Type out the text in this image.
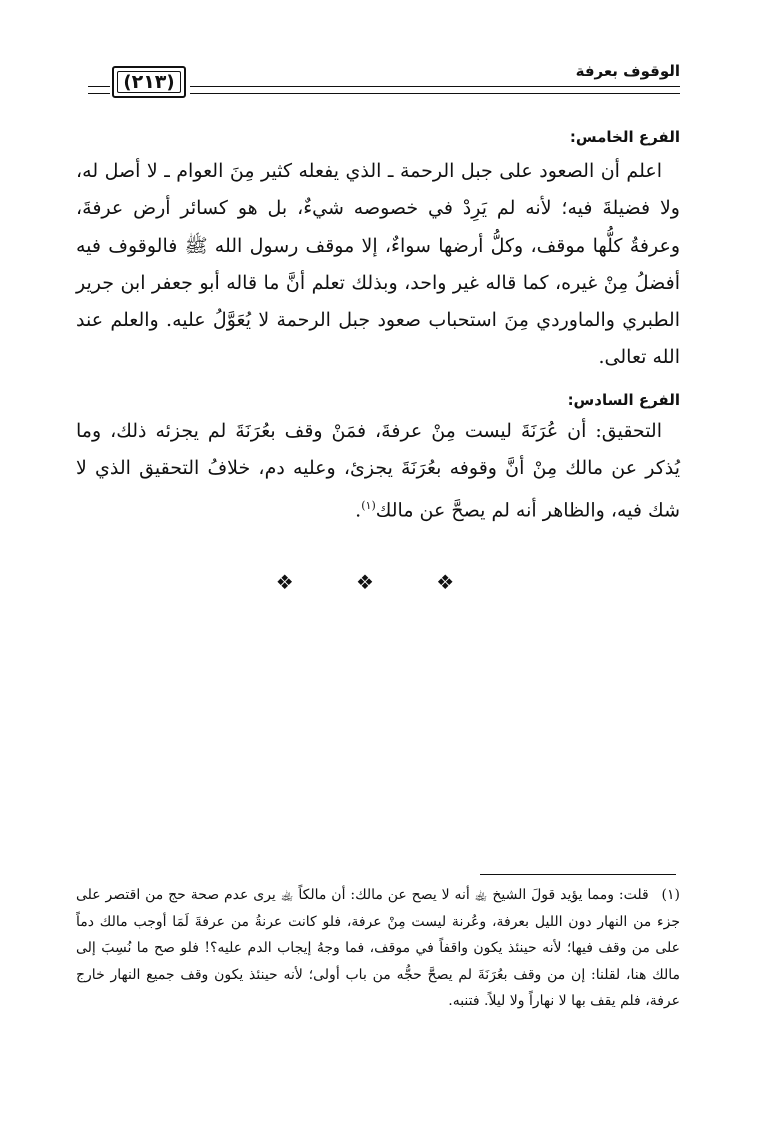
( ٢١٣ )
الوقوف بعرفة

الفرع الخامس:

اعلم أن الصعود على جبل الرحمة ـ الذي يفعله كثير مِنَ العوام ـ لا أصل له، ولا فضيلةَ فيه؛ لأنه لم يَرِدْ في خصوصه شيءٌ، بل هو كسائر أرض عرفةَ، وعرفةُ كلُّها موقف، وكلُّ أرضها سواءٌ، إلا موقف رسول الله ﷺ فالوقوف فيه أفضلُ مِنْ غيره، كما قاله غير واحد، وبذلك تعلم أنَّ ما قاله أبو جعفر ابن جرير الطبري والماوردي مِنَ استحباب صعود جبل الرحمة لا يُعَوَّلُ عليه. والعلم عند الله تعالى.

الفرع السادس:

التحقيق: أن عُرَنَةَ ليست مِنْ عرفةَ، فمَنْ وقف بعُرَنَةَ لم يجزئه ذلك، وما يُذكر عن مالك مِنْ أنَّ وقوفه بعُرَنَةَ يجزئ، وعليه دم، خلافُ التحقيق الذي لا شك فيه، والظاهر أنه لم يصحَّ عن مالك$^{(١)}$.

❖ ❖ ❖
(١) قلت: ومما يؤيد قولَ الشيخ ﵀ أنه لا يصح عن مالك: أن مالكاً ﵀ يرى عدم صحة حج من اقتصر على جزء من النهار دون الليل بعرفة، وعُرنة ليست مِنْ عرفة، فلو كانت عرنةُ من عرفةَ لَمَا أوجب مالك دماً على من وقف فيها؛ لأنه حينئذ يكون واقفاً في موقف، فما وجهُ إيجاب الدم عليه؟! فلو صح ما نُسِبَ إلى مالك هنا، لقلنا: إن من وقف بعُرَنَةَ لم يصحَّ حجُّه من باب أولى؛ لأنه حينئذ يكون وقف جميع النهار خارج عرفة، فلم يقف بها لا نهاراً ولا ليلاً. فتنبه.
